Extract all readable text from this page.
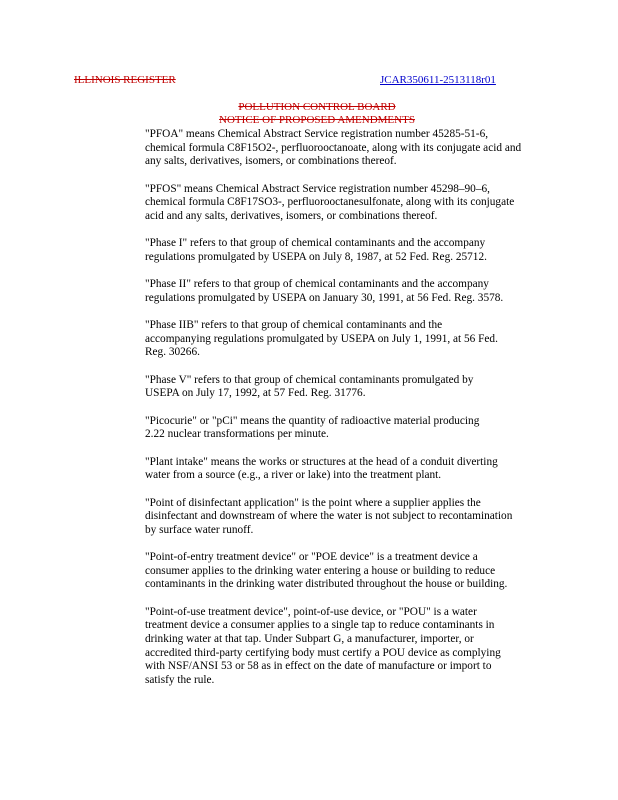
ILLINOIS REGISTER	JCAR350611-2513118r01
POLLUTION CONTROL BOARD
NOTICE OF PROPOSED AMENDMENTS
"PFOA" means Chemical Abstract Service registration number 45285-51-6,
chemical formula C8F15O2-, perfluorooctanoate, along with its conjugate acid and
any salts, derivatives, isomers, or combinations thereof.
"PFOS" means Chemical Abstract Service registration number 45298–90–6,
chemical formula C8F17SO3-, perfluorooctanesulfonate, along with its conjugate
acid and any salts, derivatives, isomers, or combinations thereof.
"Phase I" refers to that group of chemical contaminants and the accompany
regulations promulgated by USEPA on July 8, 1987, at 52 Fed. Reg. 25712.
"Phase II" refers to that group of chemical contaminants and the accompany
regulations promulgated by USEPA on January 30, 1991, at 56 Fed. Reg. 3578.
"Phase IIB" refers to that group of chemical contaminants and the
accompanying regulations promulgated by USEPA on July 1, 1991, at 56 Fed.
Reg. 30266.
"Phase V" refers to that group of chemical contaminants promulgated by
USEPA on July 17, 1992, at 57 Fed. Reg. 31776.
"Picocurie" or "pCi" means the quantity of radioactive material producing
2.22 nuclear transformations per minute.
"Plant intake" means the works or structures at the head of a conduit diverting
water from a source (e.g., a river or lake) into the treatment plant.
"Point of disinfectant application" is the point where a supplier applies the
disinfectant and downstream of where the water is not subject to recontamination
by surface water runoff.
"Point-of-entry treatment device" or "POE device" is a treatment device a
consumer applies to the drinking water entering a house or building to reduce
contaminants in the drinking water distributed throughout the house or building.
"Point-of-use treatment device", point-of-use device, or "POU" is a water
treatment device a consumer applies to a single tap to reduce contaminants in
drinking water at that tap. Under Subpart G, a manufacturer, importer, or
accredited third-party certifying body must certify a POU device as complying
with NSF/ANSI 53 or 58 as in effect on the date of manufacture or import to
satisfy the rule.
